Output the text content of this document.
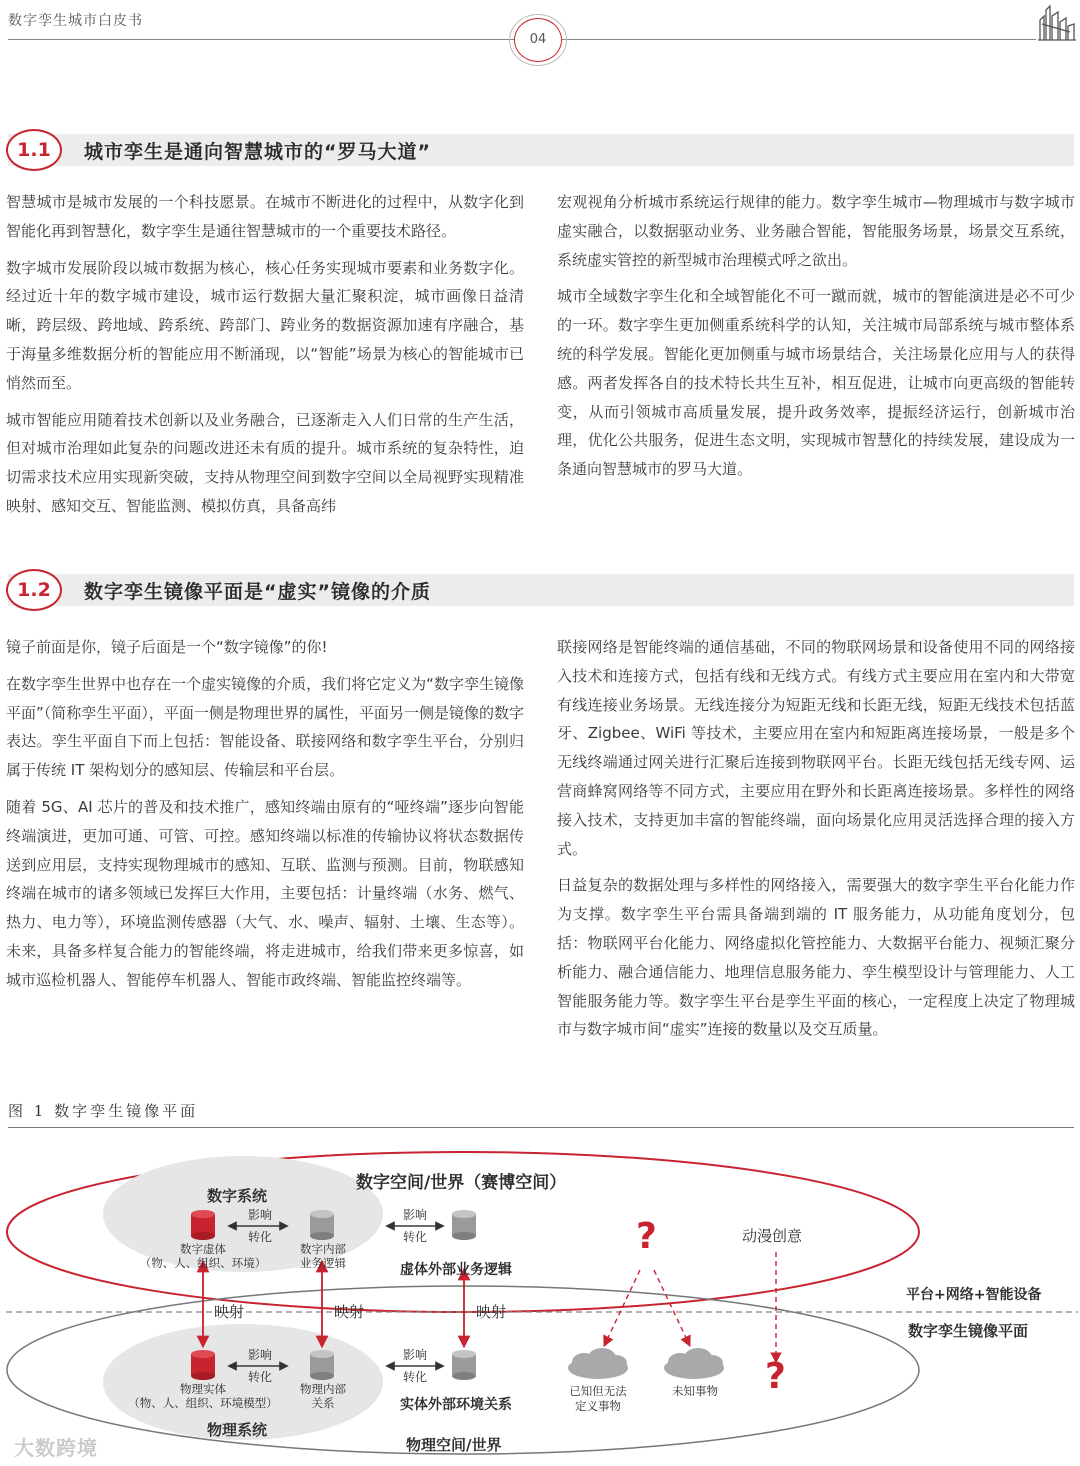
数字孪生城市白皮书
04
1.1	城市孪生是通向智慧城市的“罗马大道”

智慧城市是城市发展的一个科技愿景。在城市不断进化的过程中，从数字化到智能化再到智慧化，数字孪生是通往智慧城市的一个重要技术路径。

数字城市发展阶段以城市数据为核心，核心任务实现城市要素和业务数字化。经过近十年的数字城市建设，城市运行数据大量汇聚积淀，城市画像日益清晰，跨层级、跨地域、跨系统、跨部门、跨业务的数据资源加速有序融合，基于海量多维数据分析的智能应用不断涌现，以“智能”场景为核心的智能城市已悄然而至。

城市智能应用随着技术创新以及业务融合，已逐渐走入人们日常的生产生活，但对城市治理如此复杂的问题改进还未有质的提升。城市系统的复杂特性，迫切需求技术应用实现新突破，支持从物理空间到数字空间以全局视野实现精准映射、感知交互、智能监测、模拟仿真，具备高纬

宏观视角分析城市系统运行规律的能力。数字孪生城市—物理城市与数字城市虚实融合，以数据驱动业务、业务融合智能，智能服务场景，场景交互系统，系统虚实管控的新型城市治理模式呼之欲出。

城市全域数字孪生化和全域智能化不可一蹴而就，城市的智能演进是必不可少的一环。数字孪生更加侧重系统科学的认知，关注城市局部系统与城市整体系统的科学发展。智能化更加侧重与城市场景结合，关注场景化应用与人的获得感。两者发挥各自的技术特长共生互补，相互促进，让城市向更高级的智能转变，从而引领城市高质量发展，提升政务效率，提振经济运行，创新城市治理，优化公共服务，促进生态文明，实现城市智慧化的持续发展，建设成为一条通向智慧城市的罗马大道。

1.2	数字孪生镜像平面是“虚实”镜像的介质

镜子前面是你，镜子后面是一个“数字镜像”的你!

在数字孪生世界中也存在一个虚实镜像的介质，我们将它定义为“数字孪生镜像平面”（简称孪生平面），平面一侧是物理世界的属性，平面另一侧是镜像的数字表达。孪生平面自下而上包括：智能设备、联接网络和数字孪生平台，分别归属于传统 IT 架构划分的感知层、传输层和平台层。

随着 5G、AI 芯片的普及和技术推广，感知终端由原有的“哑终端”逐步向智能终端演进，更加可通、可管、可控。感知终端以标准的传输协议将状态数据传送到应用层，支持实现物理城市的感知、互联、监测与预测。目前，物联感知终端在城市的诸多领域已发挥巨大作用，主要包括：计量终端（水务、燃气、热力、电力等），环境监测传感器（大气、水、噪声、辐射、土壤、生态等）。未来，具备多样复合能力的智能终端，将走进城市，给我们带来更多惊喜，如城市巡检机器人、智能停车机器人、智能市政终端、智能监控终端等。

联接网络是智能终端的通信基础，不同的物联网场景和设备使用不同的网络接入技术和连接方式，包括有线和无线方式。有线方式主要应用在室内和大带宽有线连接业务场景。无线连接分为短距无线和长距无线，短距无线技术包括蓝牙、Zigbee、WiFi 等技术，主要应用在室内和短距离连接场景，一般是多个无线终端通过网关进行汇聚后连接到物联网平台。长距无线包括无线专网、运营商蜂窝网络等不同方式，主要应用在野外和长距离连接场景。多样性的网络接入技术，支持更加丰富的智能终端，面向场景化应用灵活选择合理的接入方式。

日益复杂的数据处理与多样性的网络接入，需要强大的数字孪生平台化能力作为支撑。数字孪生平台需具备端到端的 IT 服务能力，从功能角度划分，包括：物联网平台化能力、网络虚拟化管控能力、大数据平台能力、视频汇聚分析能力、融合通信能力、地理信息服务能力、孪生模型设计与管理能力、人工智能服务能力等。数字孪生平台是孪生平面的核心，一定程度上决定了物理城市与数字城市间“虚实”连接的数量以及交互质量。

图 1 数字孪生镜像平面
数字空间/世界（赛博空间）
数字系统
影响
转化
影响
转化
数字虚体
（物、人、组织、环境）
数字内部
业务逻辑	虚体外部业务逻辑
映射	映射	映射
影响
转化
影响
转化
物理实体
（物、人、组织、环境模型）
物理内部
关系	实体外部环境关系
物理系统
物理空间/世界
?
?
动漫创意
已知但无法
定义事物
未知事物
平台+网络+智能设备
数字孪生镜像平面
大数跨境
